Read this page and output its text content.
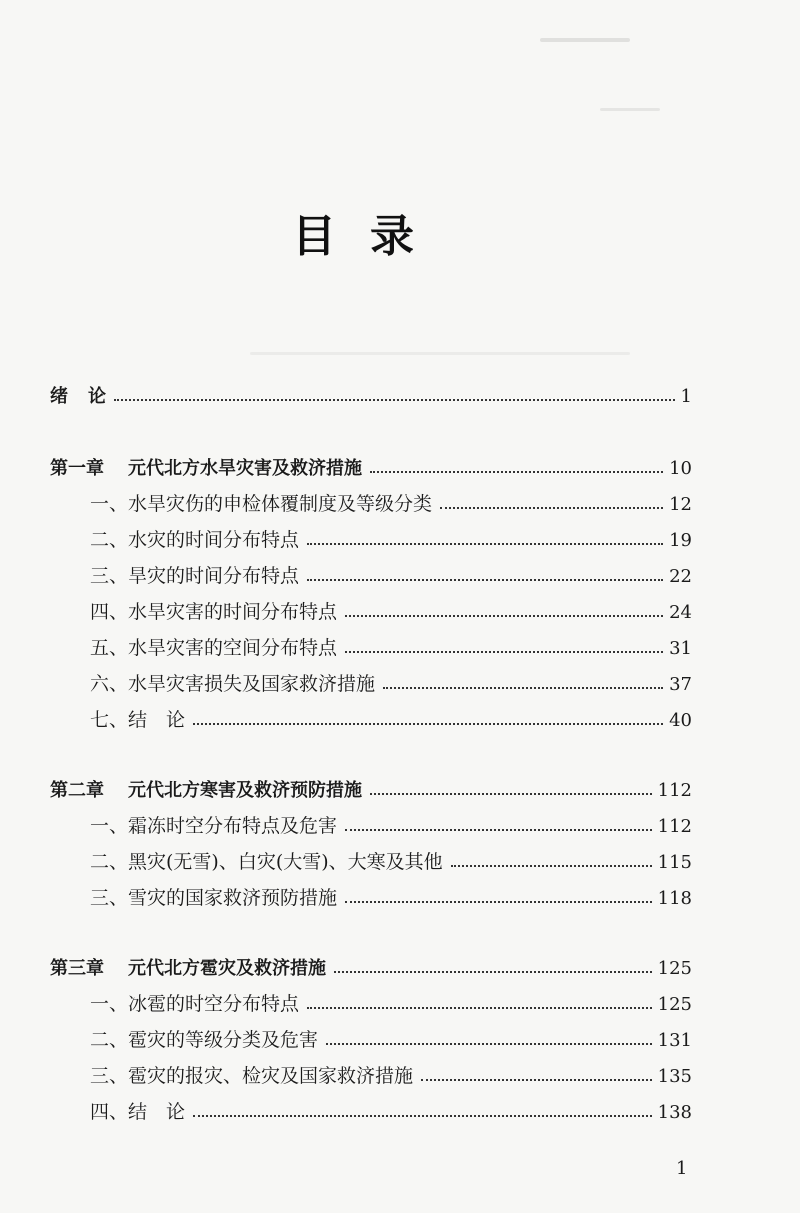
目录
绪 论	1
第一章 元代北方水旱灾害及救济措施	10
一、水旱灾伤的申检体覆制度及等级分类	12
二、水灾的时间分布特点	19
三、旱灾的时间分布特点	22
四、水旱灾害的时间分布特点	24
五、水旱灾害的空间分布特点	31
六、水旱灾害损失及国家救济措施	37
七、结　论	40
第二章 元代北方寒害及救济预防措施	112
一、霜冻时空分布特点及危害	112
二、黑灾(无雪)、白灾(大雪)、大寒及其他	115
三、雪灾的国家救济预防措施	118
第三章 元代北方雹灾及救济措施	125
一、冰雹的时空分布特点	125
二、雹灾的等级分类及危害	131
三、雹灾的报灾、检灾及国家救济措施	135
四、结　论	138
1
